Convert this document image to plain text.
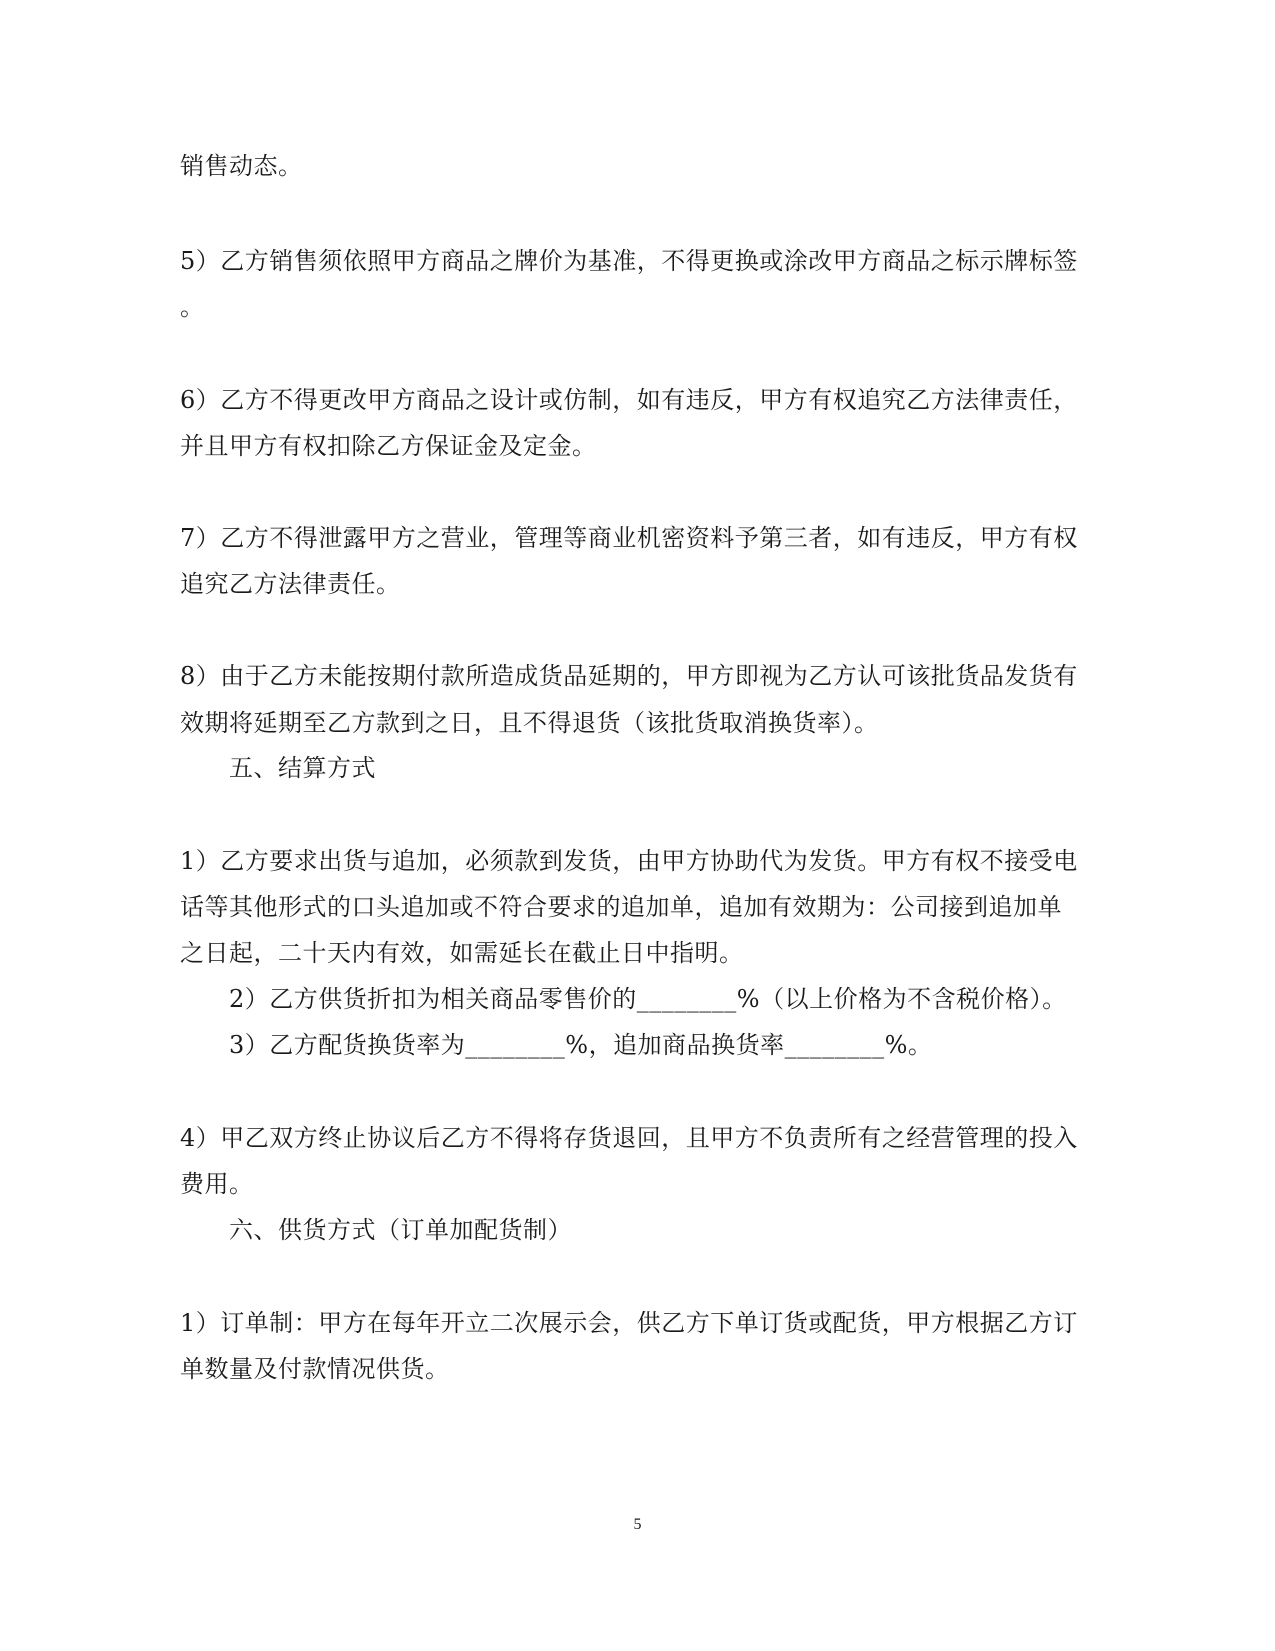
销售动态。
5）乙方销售须依照甲方商品之牌价为基准，不得更换或涂改甲方商品之标示牌标签
。
6）乙方不得更改甲方商品之设计或仿制，如有违反，甲方有权追究乙方法律责任，
并且甲方有权扣除乙方保证金及定金。
7）乙方不得泄露甲方之营业，管理等商业机密资料予第三者，如有违反，甲方有权
追究乙方法律责任。
8）由于乙方未能按期付款所造成货品延期的，甲方即视为乙方认可该批货品发货有
效期将延期至乙方款到之日，且不得退货（该批货取消换货率）。
五、结算方式
1）乙方要求出货与追加，必须款到发货，由甲方协助代为发货。甲方有权不接受电
话等其他形式的口头追加或不符合要求的追加单，追加有效期为：公司接到追加单
之日起，二十天内有效，如需延长在截止日中指明。
2）乙方供货折扣为相关商品零售价的________%（以上价格为不含税价格）。
3）乙方配货换货率为________%，追加商品换货率________%。
4）甲乙双方终止协议后乙方不得将存货退回，且甲方不负责所有之经营管理的投入
费用。
六、供货方式（订单加配货制）
1）订单制：甲方在每年开立二次展示会，供乙方下单订货或配货，甲方根据乙方订
单数量及付款情况供货。
5
